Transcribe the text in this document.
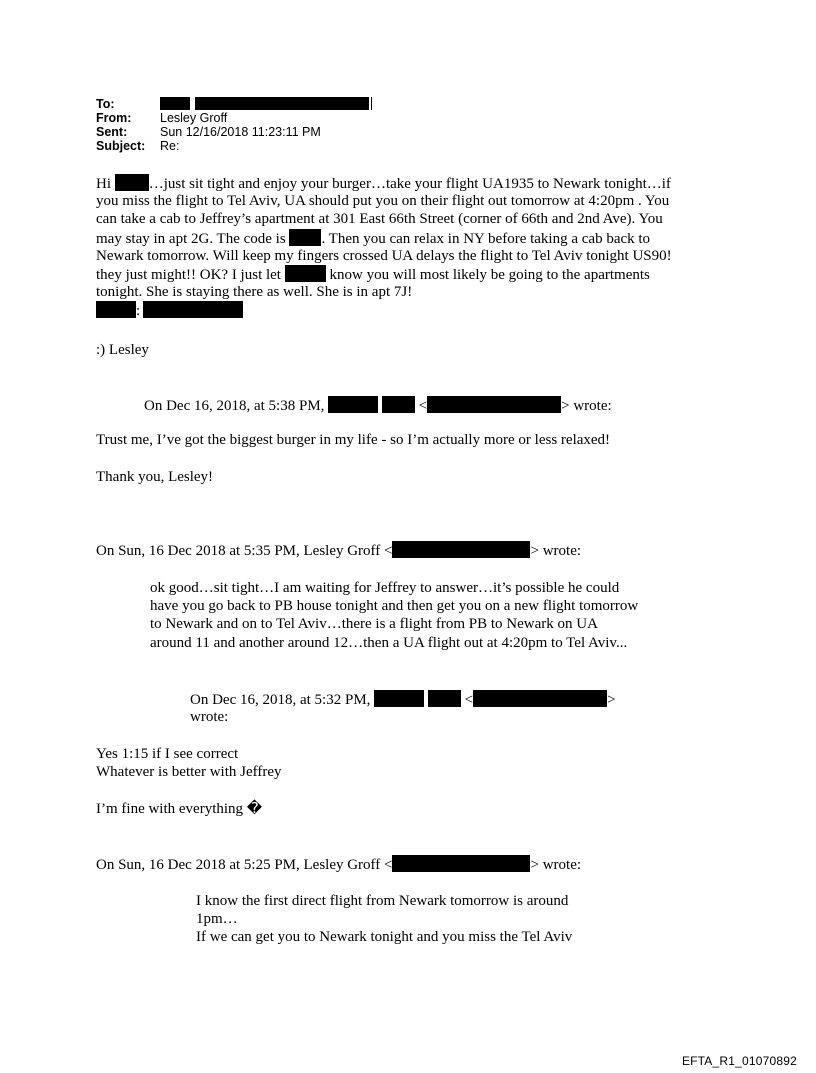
To:

From:	Lesley Groff
Sent:	Sun 12/16/2018 11:23:11 PM
Subject:	Re:
Hi …just sit tight and enjoy your burger…take your flight UA1935 to Newark tonight…if
you miss the flight to Tel Aviv, UA should put you on their flight out tomorrow at 4:20pm . You
can take a cab to Jeffrey’s apartment at 301 East 66th Street (corner of 66th and 2nd Ave). You
may stay in apt 2G. The code is . Then you can relax in NY before taking a cab back to
Newark tomorrow. Will keep my fingers crossed UA delays the flight to Tel Aviv tonight US90!
they just might!! OK? I just let	know you will most likely be going to the apartments
tonight. She is staying there as well. She is in apt 7J!
:
:) Lesley
On Dec 16, 2018, at 5:38 PM,	<	> wrote:
Trust me, I’ve got the biggest burger in my life - so I’m actually more or less relaxed!
Thank you, Lesley!
On Sun, 16 Dec 2018 at 5:35 PM, Lesley Groff <	> wrote:
ok good…sit tight…I am waiting for Jeffrey to answer…it’s possible he could
have you go back to PB house tonight and then get you on a new flight tomorrow
to Newark and on to Tel Aviv…there is a flight from PB to Newark on UA
around 11 and another around 12…then a UA flight out at 4:20pm to Tel Aviv...
On Dec 16, 2018, at 5:32 PM,	<	>
wrote:
Yes 1:15 if I see correct
Whatever is better with Jeffrey
I’m fine with everything �
On Sun, 16 Dec 2018 at 5:25 PM, Lesley Groff <	> wrote:
I know the first direct flight from Newark tomorrow is around
1pm…
If we can get you to Newark tonight and you miss the Tel Aviv
EFTA_R1_01070892
